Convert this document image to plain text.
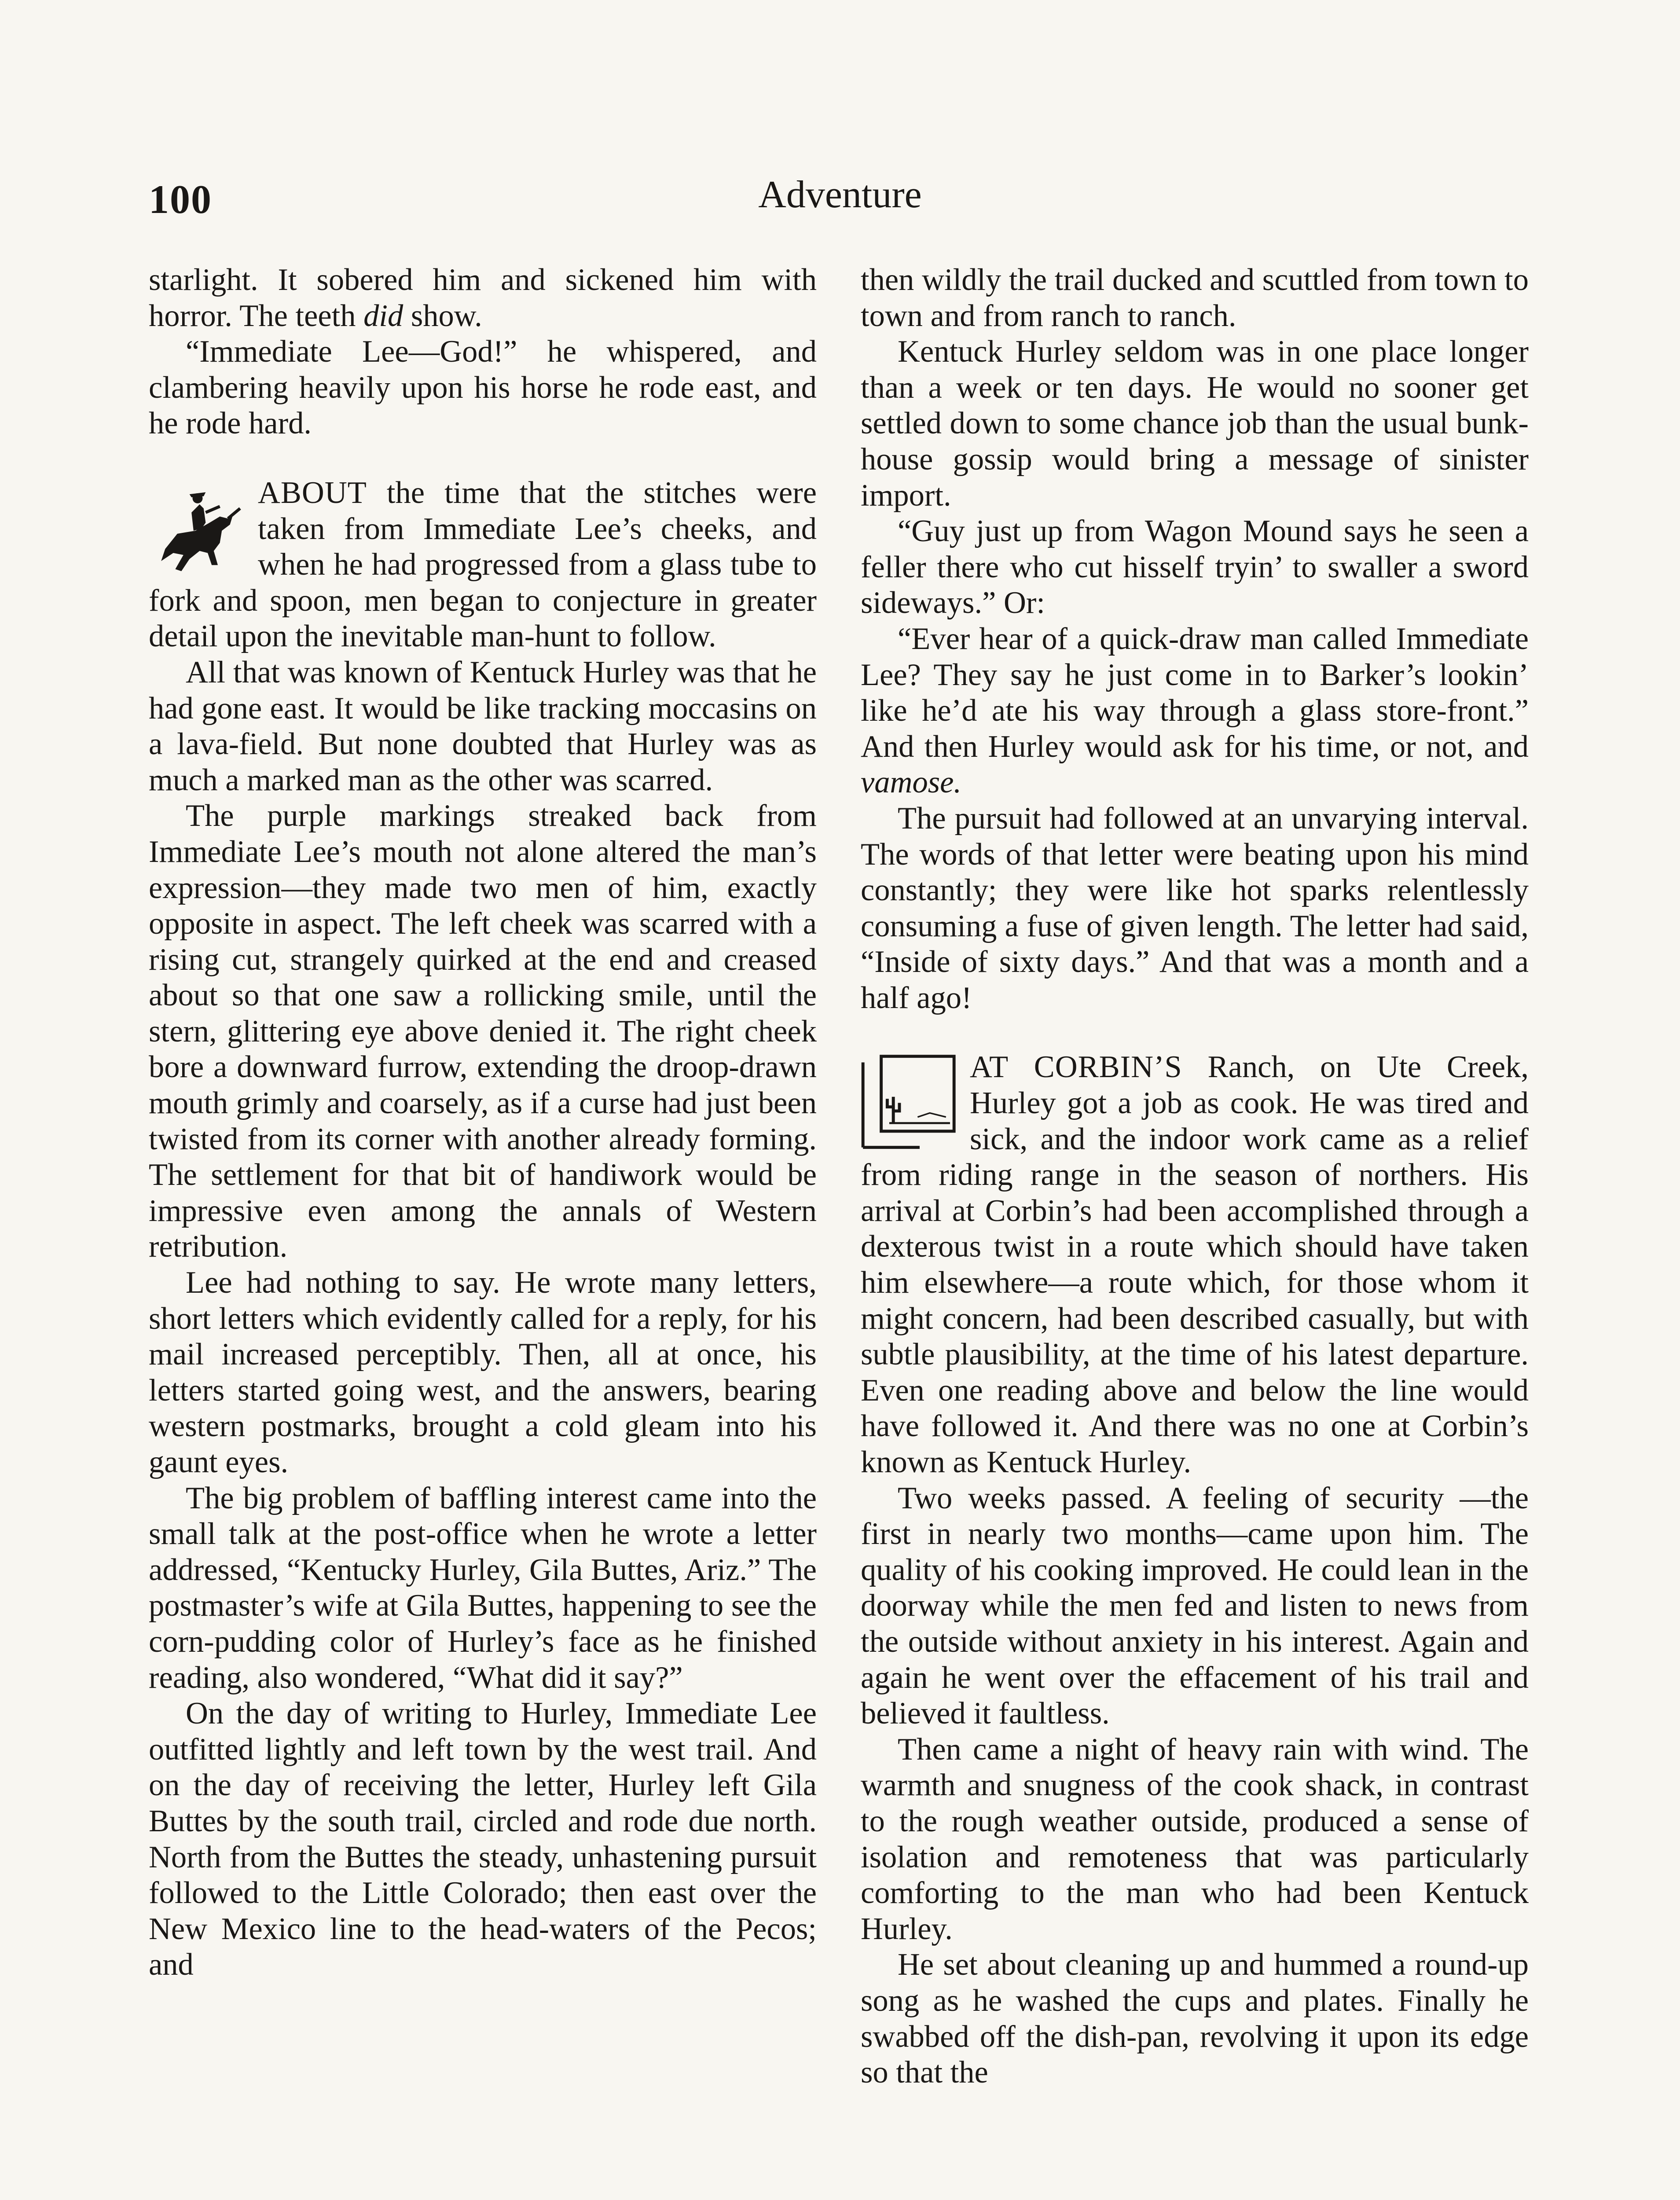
100	Adventure

starlight. It sobered him and sickened him with horror. The teeth did show.

“Immediate Lee—God!” he whispered, and clambering heavily upon his horse he rode east, and he rode hard.

ABOUT the time that the stitches were taken from Immediate Lee’s cheeks, and when he had progressed from a glass tube to fork and spoon, men began to conjecture in greater detail upon the inevitable man-hunt to follow.

All that was known of Kentuck Hurley was that he had gone east. It would be like tracking moccasins on a lava-field. But none doubted that Hurley was as much a marked man as the other was scarred.

The purple markings streaked back from Immediate Lee’s mouth not alone altered the man’s expression—they made two men of him, exactly opposite in aspect. The left cheek was scarred with a rising cut, strangely quirked at the end and creased about so that one saw a rollicking smile, until the stern, glittering eye above denied it. The right cheek bore a downward furrow, extending the droop-drawn mouth grimly and coarsely, as if a curse had just been twisted from its corner with another already forming. The settlement for that bit of handiwork would be impressive even among the annals of Western retribution.

Lee had nothing to say. He wrote many letters, short letters which evidently called for a reply, for his mail increased perceptibly. Then, all at once, his letters started going west, and the answers, bearing western postmarks, brought a cold gleam into his gaunt eyes.

The big problem of baffling interest came into the small talk at the post-office when he wrote a letter addressed, “Kentucky Hurley, Gila Buttes, Ariz.” The postmaster’s wife at Gila Buttes, happening to see the corn-pudding color of Hurley’s face as he finished reading, also wondered, “What did it say?”

On the day of writing to Hurley, Immediate Lee outfitted lightly and left town by the west trail. And on the day of receiving the letter, Hurley left Gila Buttes by the south trail, circled and rode due north. North from the Buttes the steady, unhastening pursuit followed to the Little Colorado; then east over the New Mexico line to the head-waters of the Pecos; and

then wildly the trail ducked and scuttled from town to town and from ranch to ranch.

Kentuck Hurley seldom was in one place longer than a week or ten days. He would no sooner get settled down to some chance job than the usual bunk-house gossip would bring a message of sinister import.

“Guy just up from Wagon Mound says he seen a feller there who cut hisself tryin’ to swaller a sword sideways.” Or:

“Ever hear of a quick-draw man called Immediate Lee? They say he just come in to Barker’s lookin’ like he’d ate his way through a glass store-front.” And then Hurley would ask for his time, or not, and vamose.

The pursuit had followed at an unvarying interval. The words of that letter were beating upon his mind constantly; they were like hot sparks relentlessly consuming a fuse of given length. The letter had said, “Inside of sixty days.” And that was a month and a half ago!

AT CORBIN’S Ranch, on Ute Creek, Hurley got a job as cook. He was tired and sick, and the indoor work came as a relief from riding range in the season of northers. His arrival at Corbin’s had been accomplished through a dexterous twist in a route which should have taken him elsewhere—a route which, for those whom it might concern, had been described casually, but with subtle plausibility, at the time of his latest departure. Even one reading above and below the line would have followed it. And there was no one at Corbin’s known as Kentuck Hurley.

Two weeks passed. A feeling of security —the first in nearly two months—came upon him. The quality of his cooking improved. He could lean in the doorway while the men fed and listen to news from the outside without anxiety in his interest. Again and again he went over the effacement of his trail and believed it faultless.

Then came a night of heavy rain with wind. The warmth and snugness of the cook shack, in contrast to the rough weather outside, produced a sense of isolation and remoteness that was particularly comforting to the man who had been Kentuck Hurley.

He set about cleaning up and hummed a round-up song as he washed the cups and plates. Finally he swabbed off the dish-pan, revolving it upon its edge so that the
